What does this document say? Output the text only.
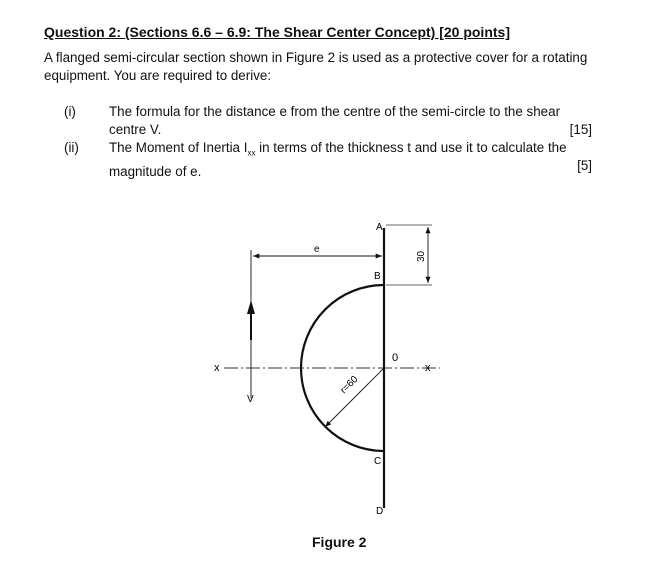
Question 2: (Sections 6.6 – 6.9: The Shear Center Concept) [20 points]
A flanged semi-circular section shown in Figure 2 is used as a protective cover for a rotating equipment. You are required to derive:
(i) The formula for the distance e from the centre of the semi-circle to the shear
centre V.	[15]
(ii) The Moment of Inertia $I_{xx}$ in terms of the thickness t and use it to calculate the
magnitude of e.	[5]
A
B
C
D
0
x	x
V
e
30
r=60
Figure 2
